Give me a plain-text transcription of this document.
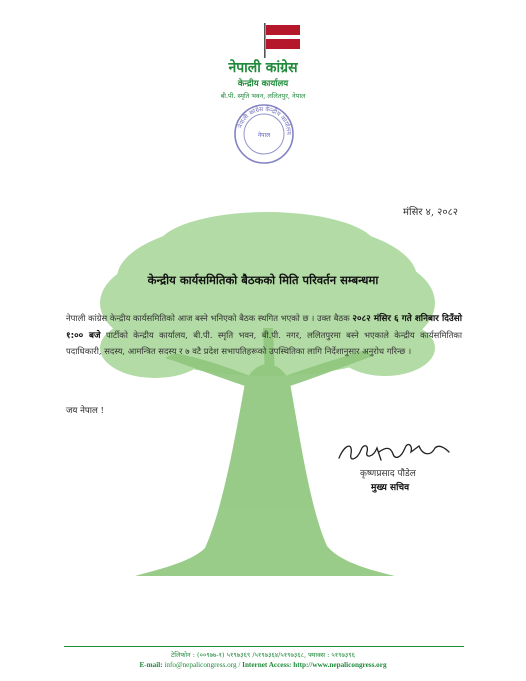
नेपाली कांग्रेस
केन्द्रीय कार्यालय
बी.पी. स्मृति भवन, ललितपुर, नेपाल
नेपाली कांग्रेस केन्द्रीय कार्यालय
नेपाल
मंसिर ४, २०८२
केन्द्रीय कार्यसमितिको बैठकको मिति परिवर्तन सम्बन्धमा
नेपाली कांग्रेस केन्द्रीय कार्यसमितिको आज बस्ने भनिएको बैठक स्थगित भएको छ । उक्त बैठक २०८२ मंसिर ६ गते शनिबार दिउँसो १:०० बजे पार्टीको केन्द्रीय कार्यालय, बी.पी. स्मृति भवन, बी.पी. नगर, ललितपुरमा बस्ने भएकाले केन्द्रीय कार्यसमितिका पदाधिकारी, सदस्य, आमन्त्रित सदस्य र ७ वटै प्रदेश सभापतिहरूको उपस्थितिका लागि निर्देशानुसार अनुरोध गरिन्छ ।
जय नेपाल !
कृष्णप्रसाद पौडेल
मुख्य सचिव
टेलिफोन : (००९७७-१) ५१९७३६९ /५१९७३६४/५१९७३६८, फ्याक्स : ५१९७३९६
E-mail: info@nepalicongress.org / Internet Access: http://www.nepalicongress.org
